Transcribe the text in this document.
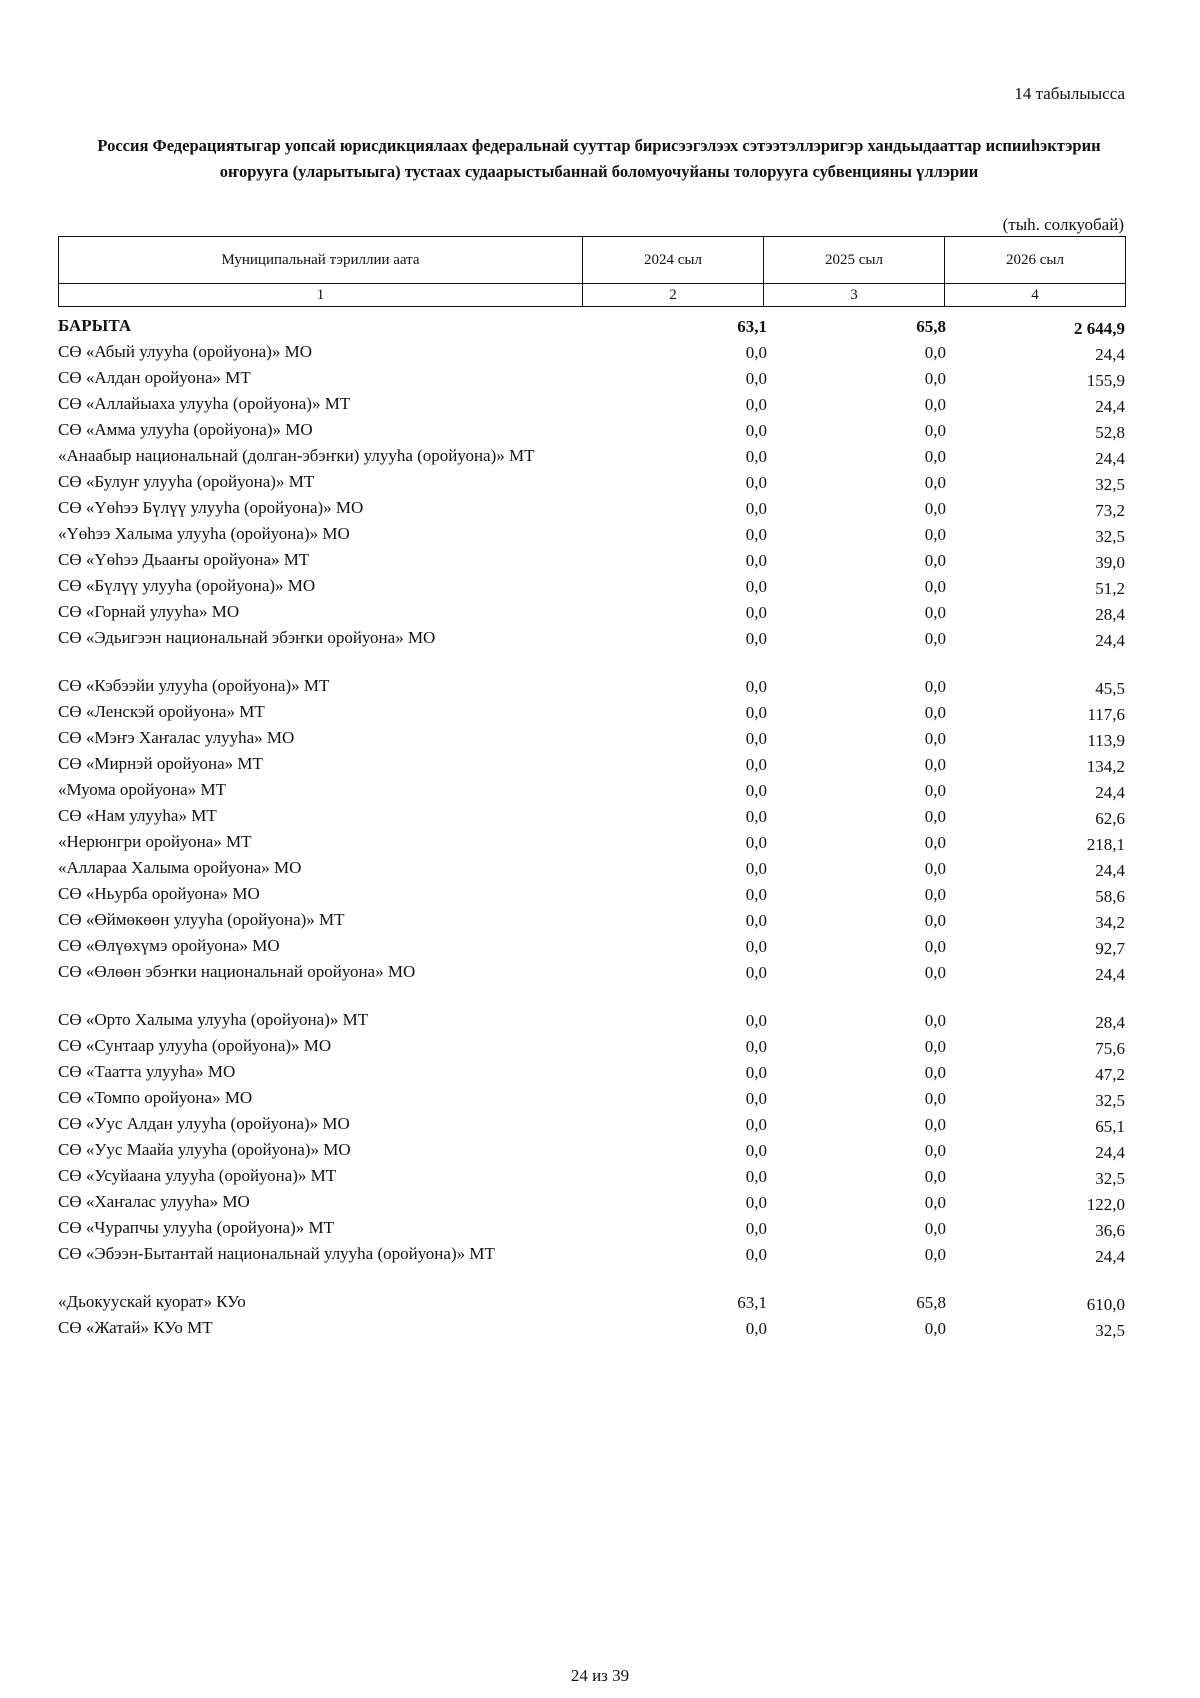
14 табылыысса
Россия Федерациятыгар уопсай юрисдикциялаах федеральнай сууттар бирисээгэлээх сэтээтэллэригэр хандьыдааттар испииһэктэрин оҥорууга (уларытыыга) тустаах судаарыстыбаннай боломуочуйаны толорууга субвенцияны үллэрии
(тыһ. солкуобай)
Муниципальнай тэриллии аата	2024 сыл	2025 сыл	2026 сыл
1	2	3	4
БАРЫТА	63,1	65,8	2 644,9
СӨ «Абый улууһа (оройуона)» МО	0,0	0,0	24,4
СӨ «Алдан оройуона» МТ	0,0	0,0	155,9
СӨ «Аллайыаха улууһа (оройуона)» МТ	0,0	0,0	24,4
СӨ «Амма улууһа (оройуона)» МО	0,0	0,0	52,8
«Анаабыр национальнай (долган-эбэҥки) улууһа (оройуона)» МТ	0,0	0,0	24,4
СӨ «Булуҥ улууһа (оройуона)» МТ	0,0	0,0	32,5
СӨ «Үөһээ Бүлүү улууһа (оройуона)» МО	0,0	0,0	73,2
«Үөһээ Халыма улууһа (оройуона)» МО	0,0	0,0	32,5
СӨ «Үөһээ Дьааҥы оройуона» МТ	0,0	0,0	39,0
СӨ «Бүлүү улууһа (оройуона)» МО	0,0	0,0	51,2
СӨ «Горнай улууһа» МО	0,0	0,0	28,4
СӨ «Эдьигээн национальнай эбэҥки оройуона» МО	0,0	0,0	24,4
СӨ «Кэбээйи улууһа (оройуона)» МТ	0,0	0,0	45,5
СӨ «Ленскэй оройуона» МТ	0,0	0,0	117,6
СӨ «Мэҥэ Хаҥалас улууһа» МО	0,0	0,0	113,9
СӨ «Мирнэй оройуона» МТ	0,0	0,0	134,2
«Муома оройуона» МТ	0,0	0,0	24,4
СӨ «Нам улууһа» МТ	0,0	0,0	62,6
«Нерюнгри оройуона» МТ	0,0	0,0	218,1
«Аллараа Халыма оройуона» МО	0,0	0,0	24,4
СӨ «Ньурба оройуона» МО	0,0	0,0	58,6
СӨ «Өймөкөөн улууһа (оройуона)» МТ	0,0	0,0	34,2
СӨ «Өлүөхүмэ оройуона» МО	0,0	0,0	92,7
СӨ «Өлөөн эбэҥки национальнай оройуона» МО	0,0	0,0	24,4
СӨ «Орто Халыма улууһа (оройуона)» МТ	0,0	0,0	28,4
СӨ «Сунтаар улууһа (оройуона)» МО	0,0	0,0	75,6
СӨ «Таатта улууһа» МО	0,0	0,0	47,2
СӨ «Томпо оройуона» МО	0,0	0,0	32,5
СӨ «Уус Алдан улууһа (оройуона)» МО	0,0	0,0	65,1
СӨ «Уус Маайа улууһа (оройуона)» МО	0,0	0,0	24,4
СӨ «Усуйаана улууһа (оройуона)» МТ	0,0	0,0	32,5
СӨ «Хаҥалас улууһа» МО	0,0	0,0	122,0
СӨ «Чурапчы улууһа (оройуона)» МТ	0,0	0,0	36,6
СӨ «Эбээн-Бытантай национальнай улууһа (оройуона)» МТ	0,0	0,0	24,4
«Дьокуускай куорат» КУо	63,1	65,8	610,0
СӨ «Жатай» КУо МТ	0,0	0,0	32,5
24 из 39
